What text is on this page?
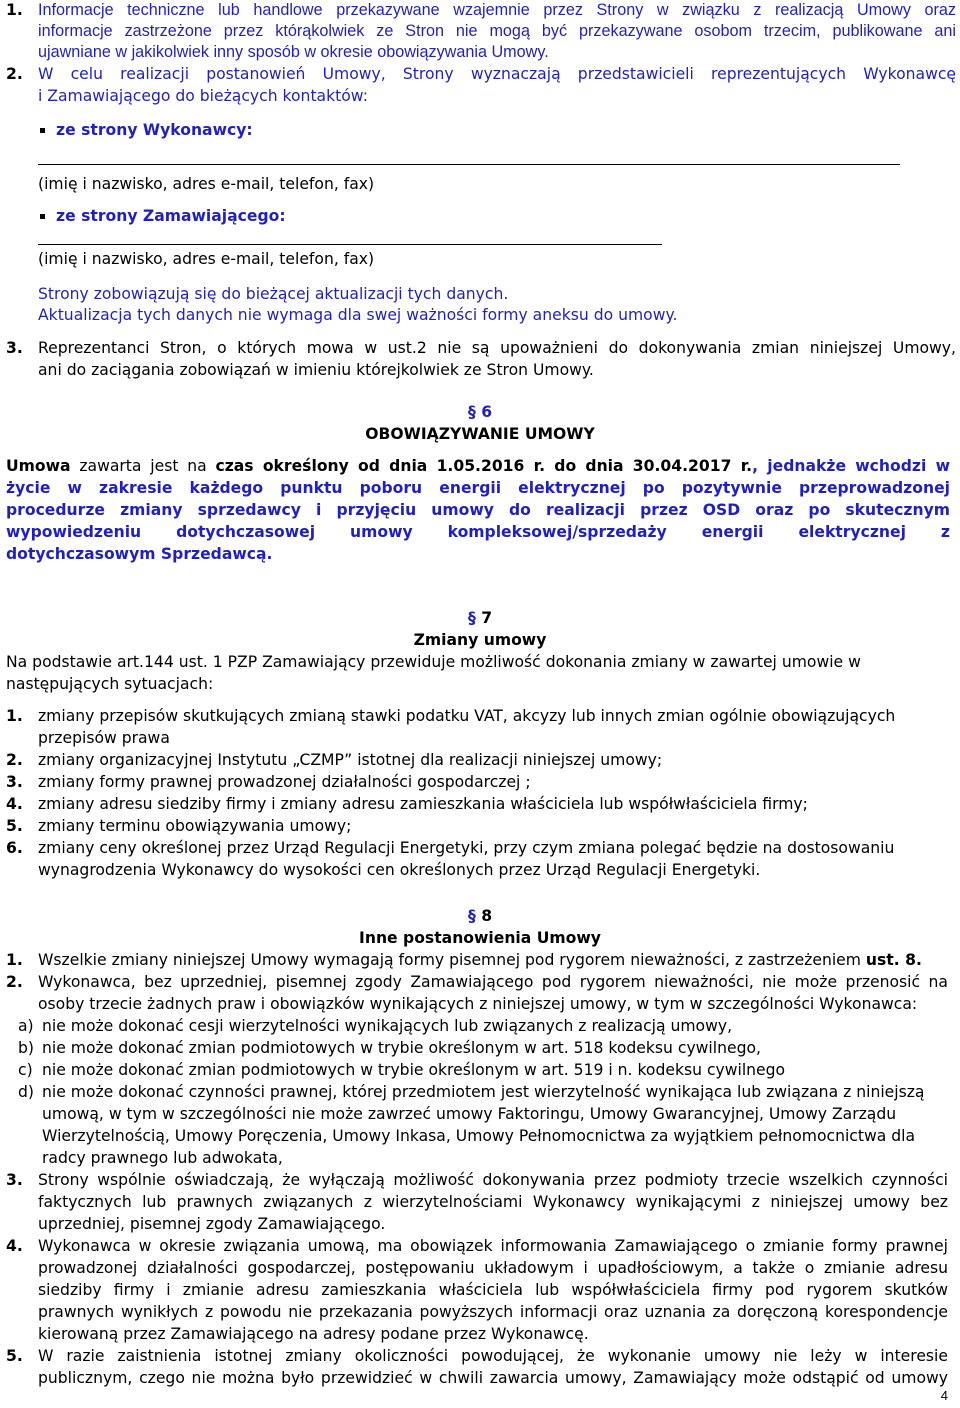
1. Informacje techniczne lub handlowe przekazywane wzajemnie przez Strony w związku z realizacją Umowy oraz
informacje zastrzeżone przez którąkolwiek ze Stron nie mogą być przekazywane osobom trzecim, publikowane ani
ujawniane w jakikolwiek inny sposób w okresie obowiązywania Umowy.
2. W celu realizacji postanowień Umowy, Strony wyznaczają przedstawicieli reprezentujących Wykonawcę
i Zamawiającego do bieżących kontaktów:
ze strony Wykonawcy:
(imię i nazwisko, adres e-mail, telefon, fax)
ze strony Zamawiającego:
(imię i nazwisko, adres e-mail, telefon, fax)
Strony zobowiązują się do bieżącej aktualizacji tych danych.
Aktualizacja tych danych nie wymaga dla swej ważności formy aneksu do umowy.
3. Reprezentanci Stron, o których mowa w ust.2 nie są upoważnieni do dokonywania zmian niniejszej Umowy,
ani do zaciągania zobowiązań w imieniu którejkolwiek ze Stron Umowy.
§ 6
OBOWIĄZYWANIE UMOWY
Umowa zawarta jest na czas określony od dnia 1.05.2016 r. do dnia 30.04.2017 r., jednakże wchodzi w
życie w zakresie każdego punktu poboru energii elektrycznej po pozytywnie przeprowadzonej
procedurze zmiany sprzedawcy i przyjęciu umowy do realizacji przez OSD oraz po skutecznym
wypowiedzeniu dotychczasowej umowy kompleksowej/sprzedaży energii elektrycznej z
dotychczasowym Sprzedawcą.
§ 7
Zmiany umowy
Na podstawie art.144 ust. 1 PZP Zamawiający przewiduje możliwość dokonania zmiany w zawartej umowie w
następujących sytuacjach:
1. zmiany przepisów skutkujących zmianą stawki podatku VAT, akcyzy lub innych zmian ogólnie obowiązujących
przepisów prawa
2. zmiany organizacyjnej Instytutu „CZMP” istotnej dla realizacji niniejszej umowy;
3. zmiany formy prawnej prowadzonej działalności gospodarczej ;
4. zmiany adresu siedziby firmy i zmiany adresu zamieszkania właściciela lub współwłaściciela firmy;
5. zmiany terminu obowiązywania umowy;
6. zmiany ceny określonej przez Urząd Regulacji Energetyki, przy czym zmiana polegać będzie na dostosowaniu
wynagrodzenia Wykonawcy do wysokości cen określonych przez Urząd Regulacji Energetyki.
§ 8
Inne postanowienia Umowy
1. Wszelkie zmiany niniejszej Umowy wymagają formy pisemnej pod rygorem nieważności, z zastrzeżeniem ust. 8.
2. Wykonawca, bez uprzedniej, pisemnej zgody Zamawiającego pod rygorem nieważności, nie może przenosić na
osoby trzecie żadnych praw i obowiązków wynikających z niniejszej umowy, w tym w szczególności Wykonawca:
a) nie może dokonać cesji wierzytelności wynikających lub związanych z realizacją umowy,
b) nie może dokonać zmian podmiotowych w trybie określonym w art. 518 kodeksu cywilnego,
c) nie może dokonać zmian podmiotowych w trybie określonym w art. 519 i n. kodeksu cywilnego
d) nie może dokonać czynności prawnej, której przedmiotem jest wierzytelność wynikająca lub związana z niniejszą
umową, w tym w szczególności nie może zawrzeć umowy Faktoringu, Umowy Gwarancyjnej, Umowy Zarządu
Wierzytelnością, Umowy Poręczenia, Umowy Inkasa, Umowy Pełnomocnictwa za wyjątkiem pełnomocnictwa dla
radcy prawnego lub adwokata,
3. Strony wspólnie oświadczają, że wyłączają możliwość dokonywania przez podmioty trzecie wszelkich czynności
faktycznych lub prawnych związanych z wierzytelnościami Wykonawcy wynikającymi z niniejszej umowy bez
uprzedniej, pisemnej zgody Zamawiającego.
4. Wykonawca w okresie związania umową, ma obowiązek informowania Zamawiającego o zmianie formy prawnej
prowadzonej działalności gospodarczej, postępowaniu układowym i upadłościowym, a także o zmianie adresu
siedziby firmy i zmianie adresu zamieszkania właściciela lub współwłaściciela firmy pod rygorem skutków
prawnych wynikłych z powodu nie przekazania powyższych informacji oraz uznania za doręczoną korespondencje
kierowaną przez Zamawiającego na adresy podane przez Wykonawcę.
5. W razie zaistnienia istotnej zmiany okoliczności powodującej, że wykonanie umowy nie leży w interesie
publicznym, czego nie można było przewidzieć w chwili zawarcia umowy, Zamawiający może odstąpić od umowy
4
